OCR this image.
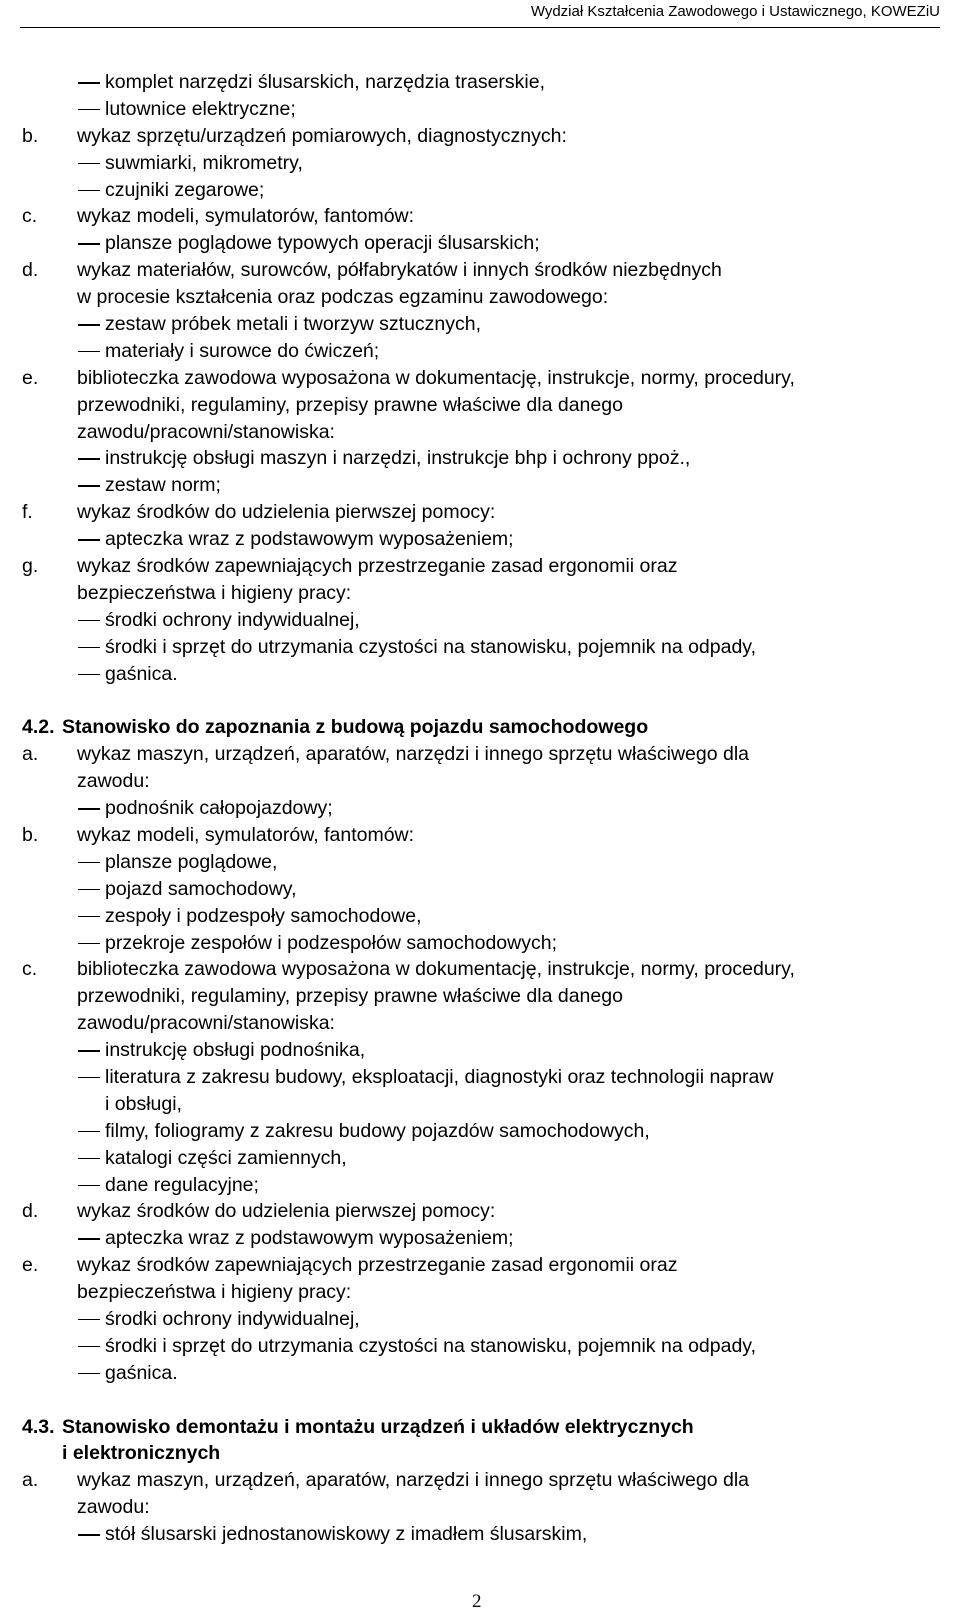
Wydział Kształcenia Zawodowego i Ustawicznego, KOWEZiU
komplet narzędzi ślusarskich, narzędzia traserskie,
lutownice elektryczne;
b. wykaz sprzętu/urządzeń pomiarowych, diagnostycznych:
suwmiarki, mikrometry,
czujniki zegarowe;
c. wykaz modeli, symulatorów, fantomów:
plansze poglądowe typowych operacji ślusarskich;
d. wykaz materiałów, surowców, półfabrykatów i innych środków niezbędnych
w procesie kształcenia oraz podczas egzaminu zawodowego:
zestaw próbek metali i tworzyw sztucznych,
materiały i surowce do ćwiczeń;
e. biblioteczka zawodowa wyposażona w dokumentację, instrukcje, normy, procedury,
przewodniki, regulaminy, przepisy prawne właściwe dla danego
zawodu/pracowni/stanowiska:
instrukcję obsługi maszyn i narzędzi, instrukcje bhp i ochrony ppoż.,
zestaw norm;
f. wykaz środków do udzielenia pierwszej pomocy:
apteczka wraz z podstawowym wyposażeniem;
g. wykaz środków zapewniających przestrzeganie zasad ergonomii oraz
bezpieczeństwa i higieny pracy:
środki ochrony indywidualnej,
środki i sprzęt do utrzymania czystości na stanowisku, pojemnik na odpady,
gaśnica.
4.2. Stanowisko do zapoznania z budową pojazdu samochodowego
a. wykaz maszyn, urządzeń, aparatów, narzędzi i innego sprzętu właściwego dla
zawodu:
podnośnik całopojazdowy;
b. wykaz modeli, symulatorów, fantomów:
plansze poglądowe,
pojazd samochodowy,
zespoły i podzespoły samochodowe,
przekroje zespołów i podzespołów samochodowych;
c. biblioteczka zawodowa wyposażona w dokumentację, instrukcje, normy, procedury,
przewodniki, regulaminy, przepisy prawne właściwe dla danego
zawodu/pracowni/stanowiska:
instrukcję obsługi podnośnika,
literatura z zakresu budowy, eksploatacji, diagnostyki oraz technologii napraw
i obsługi,
filmy, foliogramy z zakresu budowy pojazdów samochodowych,
katalogi części zamiennych,
dane regulacyjne;
d. wykaz środków do udzielenia pierwszej pomocy:
apteczka wraz z podstawowym wyposażeniem;
e. wykaz środków zapewniających przestrzeganie zasad ergonomii oraz
bezpieczeństwa i higieny pracy:
środki ochrony indywidualnej,
środki i sprzęt do utrzymania czystości na stanowisku, pojemnik na odpady,
gaśnica.
4.3. Stanowisko demontażu i montażu urządzeń i układów elektrycznych
i elektronicznych
a. wykaz maszyn, urządzeń, aparatów, narzędzi i innego sprzętu właściwego dla
zawodu:
stół ślusarski jednostanowiskowy z imadłem ślusarskim,
2
